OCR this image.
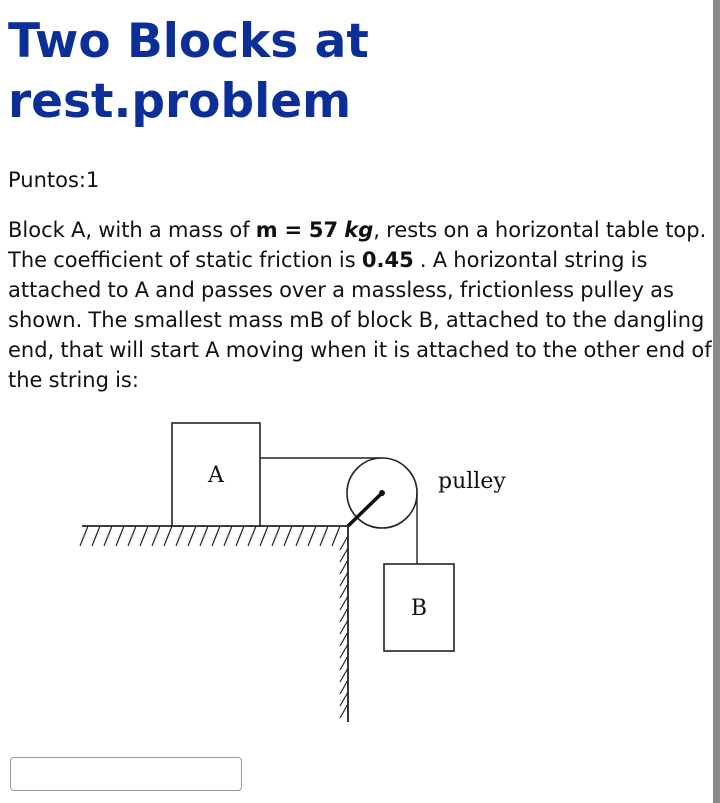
Two Blocks at rest.problem
Puntos:1
Block A, with a mass of m = 57 kg, rests on a horizontal table top. The coefficient of static friction is 0.45 . A horizontal string is attached to A and passes over a massless, frictionless pulley as shown. The smallest mass mB of block B, attached to the dangling end, that will start A moving when it is attached to the other end of the string is:
A	pulley
B
